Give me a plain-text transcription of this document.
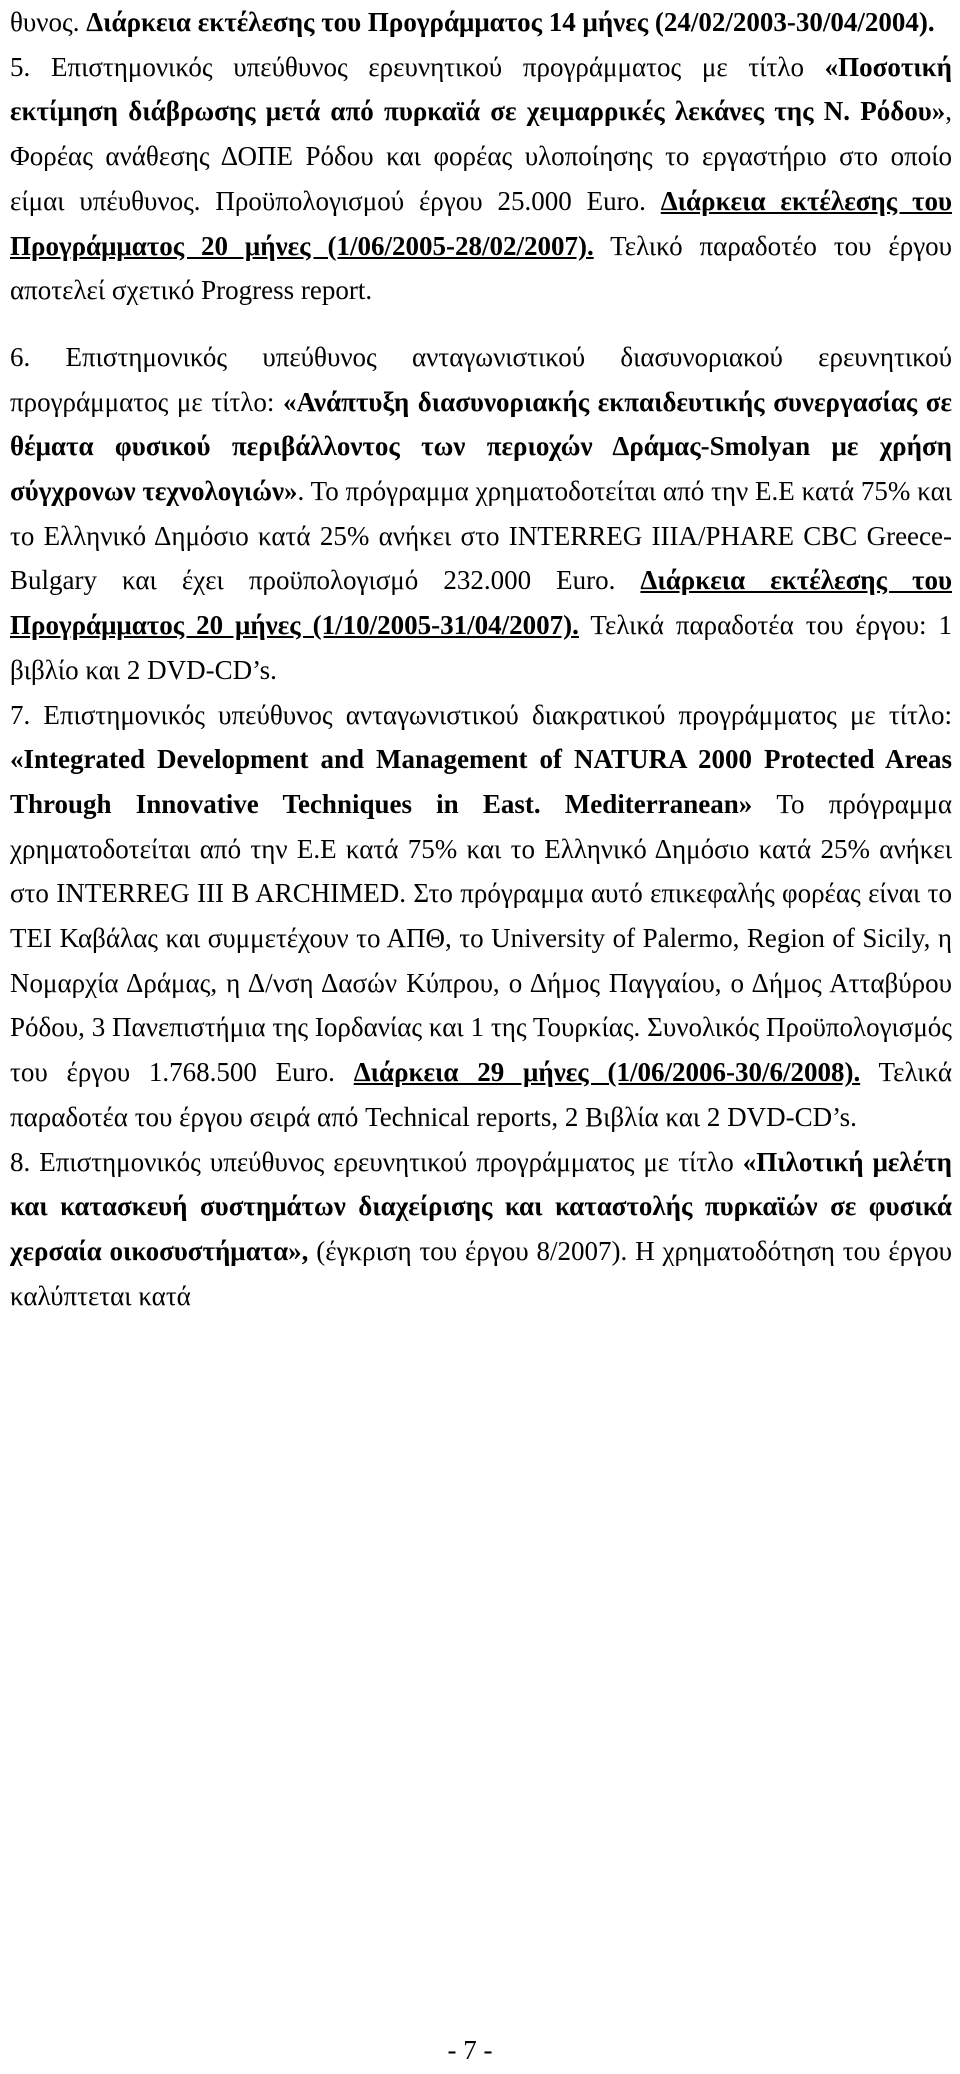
θυνος. Διάρκεια εκτέλεσης του Προγράμματος 14 μήνες (24/02/2003-30/04/2004).

5. Επιστημονικός υπεύθυνος ερευνητικού προγράμματος με τίτλο «Ποσοτική εκτίμηση διάβρωσης μετά από πυρκαϊά σε χειμαρρικές λεκάνες της Ν. Ρόδου», Φορέας ανάθεσης ΔΟΠΕ Ρόδου και φορέας υλοποίησης το εργαστήριο στο οποίο είμαι υπέυθυνος. Προϋπολογισμού έργου 25.000 Euro. Διάρκεια εκτέλεσης του Προγράμματος 20 μήνες (1/06/2005-28/02/2007). Τελικό παραδοτέο του έργου αποτελεί σχετικό Progress report.

6. Επιστημονικός υπεύθυνος ανταγωνιστικού διασυνοριακού ερευνητικού προγράμματος με τίτλο: «Ανάπτυξη διασυνοριακής εκπαιδευτικής συνεργασίας σε θέματα φυσικού περιβάλλοντος των περιοχών Δράμας-Smolyan με χρήση σύγχρονων τεχνολογιών». Το πρόγραμμα χρηματοδοτείται από την Ε.Ε κατά 75% και το Ελληνικό Δημόσιο κατά 25% ανήκει στο INTERREG IIIA/PHARE CBC Greece-Bulgary και έχει προϋπολογισμό 232.000 Euro. Διάρκεια εκτέλεσης του Προγράμματος 20 μήνες (1/10/2005-31/04/2007). Τελικά παραδοτέα του έργου: 1 βιβλίο και 2 DVD-CD’s.

7. Επιστημονικός υπεύθυνος ανταγωνιστικού διακρατικού προγράμματος με τίτλο: «Integrated Development and Management of NATURA 2000 Protected Areas Through Innovative Techniques in East. Mediterranean» Το πρόγραμμα χρηματοδοτείται από την Ε.Ε κατά 75% και το Ελληνικό Δημόσιο κατά 25% ανήκει στο INTERREG III B ARCHIMED. Στο πρόγραμμα αυτό επικεφαλής φορέας είναι το ΤΕΙ Καβάλας και συμμετέχουν το ΑΠΘ, το University of Palermo, Region of Sicily, η Νομαρχία Δράμας, η Δ/νση Δασών Κύπρου, ο Δήμος Παγγαίου, ο Δήμος Ατταβύρου Ρόδου, 3 Πανεπιστήμια της Ιορδανίας και 1 της Τουρκίας. Συνολικός Προϋπολογισμός του έργου 1.768.500 Euro. Διάρκεια 29 μήνες (1/06/2006-30/6/2008). Τελικά παραδοτέα του έργου σειρά από Technical reports, 2 Βιβλία και 2 DVD-CD’s.

8. Επιστημονικός υπεύθυνος ερευνητικού προγράμματος με τίτλο «Πιλοτική μελέτη και κατασκευή συστημάτων διαχείρισης και καταστολής πυρκαϊών σε φυσικά χερσαία οικοσυστήματα», (έγκριση του έργου 8/2007). Η χρηματοδότηση του έργου καλύπτεται κατά

- 7 -
